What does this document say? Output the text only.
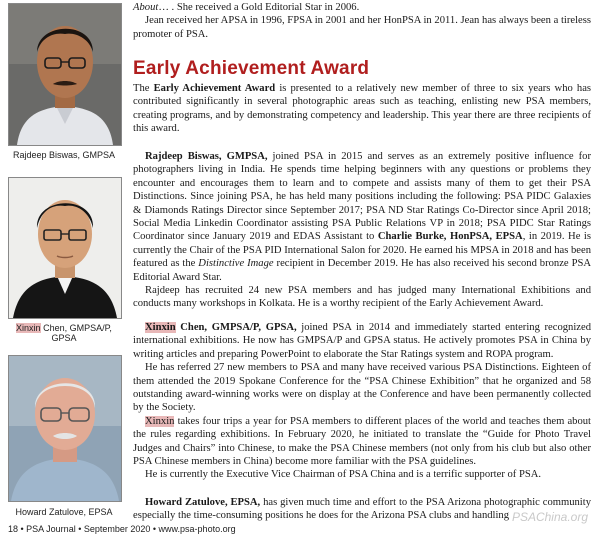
Rajdeep Biswas, GMPSA
Xinxin Chen, GMPSA/P, GPSA
Howard Zatulove, EPSA

About… . She received a Gold Editorial Star in 2006.

Jean received her APSA in 1996, FPSA in 2001 and her HonPSA in 2011. Jean has always been a tireless promoter of PSA.

Early Achievement Award

The Early Achievement Award is presented to a relatively new member of three to six years who has contributed significantly in several photographic areas such as teaching, enlisting new PSA members, creating programs, and by demonstrating competency and leadership. This year there are three recipients of this award.

Rajdeep Biswas, GMPSA, joined PSA in 2015 and serves as an extremely positive influence for photographers living in India. He spends time helping beginners with any questions or problems they encounter and encourages them to learn and to compete and assists many of them to get their PSA Distinctions. Since joining PSA, he has held many positions including the following: PSA PIDC Galaxies & Diamonds Ratings Director since September 2017; PSA ND Star Ratings Co-Director since April 2018; Social Media Linkedin Coordinator assisting PSA Public Relations VP in 2018; PSA PIDC Star Ratings Coordinator since January 2019 and EDAS Assistant to Charlie Burke, HonPSA, EPSA, in 2019. He is currently the Chair of the PSA PID International Salon for 2020. He earned his MPSA in 2018 and has been featured as the Distinctive Image recipient in December 2019. He has also received his second bronze PSA Editorial Award Star.

Rajdeep has recruited 24 new PSA members and has judged many International Exhibitions and conducts many workshops in Kolkata. He is a worthy recipient of the Early Achievement Award.

Xinxin Chen, GMPSA/P, GPSA, joined PSA in 2014 and immediately started entering recognized international exhibitions. He now has GMPSA/P and GPSA status. He actively promotes PSA in China by writing articles and preparing PowerPoint to elaborate the Star Ratings system and ROPA program.

He has referred 27 new members to PSA and many have received various PSA Distinctions. Eighteen of them attended the 2019 Spokane Conference for the “PSA Chinese Exhibition” that he organized and 58 outstanding award-winning works were on display at the Conference and have been permanently collected by the Society.

Xinxin takes four trips a year for PSA members to different places of the world and teaches them about the rules regarding exhibitions. In February 2020, he initiated to translate the “Guide for Photo Travel Judges and Chairs” into Chinese, to make the PSA Chinese members (not only from his club but also other PSA Chinese members in China) become more familiar with the PSA guidelines.

He is currently the Executive Vice Chairman of PSA China and is a terrific supporter of PSA.

Howard Zatulove, EPSA, has given much time and effort to the PSA Arizona photographic community especially the time-consuming positions he does for the Arizona PSA clubs and handling

18 • PSA Journal • September 2020 • www.psa-photo.org
PSAChina.org
